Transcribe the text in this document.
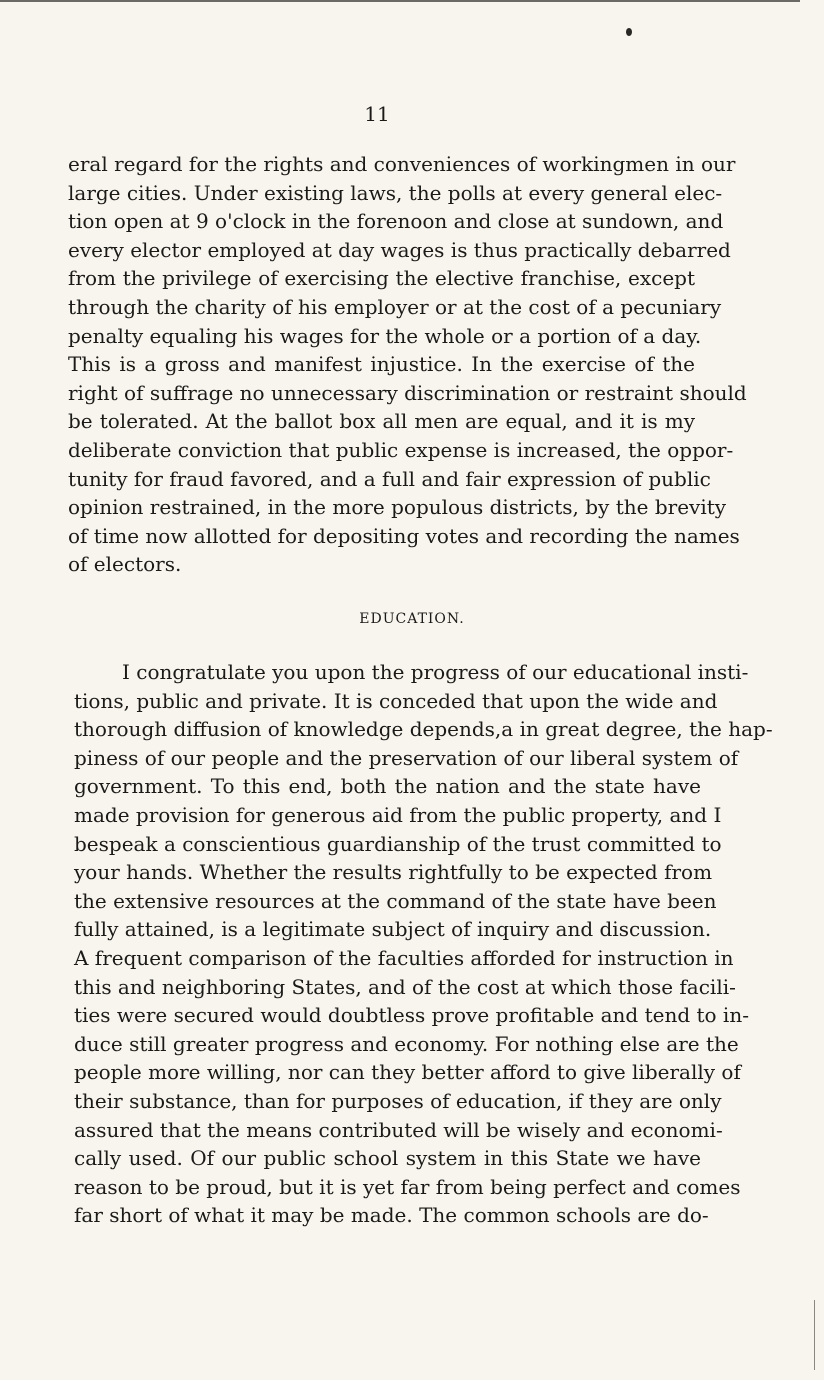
11
eral regard for the rights and conveniences of workingmen in our
large cities. Under existing laws, the polls at every general elec-
tion open at 9 o'clock in the forenoon and close at sundown, and
every elector employed at day wages is thus practically debarred
from the privilege of exercising the elective franchise, except
through the charity of his employer or at the cost of a pecuniary
penalty equaling his wages for the whole or a portion of a day.
This is a gross and manifest injustice. In the exercise of the
right of suffrage no unnecessary discrimination or restraint should
be tolerated. At the ballot box all men are equal, and it is my
deliberate conviction that public expense is increased, the oppor-
tunity for fraud favored, and a full and fair expression of public
opinion restrained, in the more populous districts, by the brevity
of time now allotted for depositing votes and recording the names
of electors.
EDUCATION.
I congratulate you upon the progress of our educational insti-
tions, public and private. It is conceded that upon the wide and
thorough diffusion of knowledge depends,a in great degree, the hap-
piness of our people and the preservation of our liberal system of
government. To this end, both the nation and the state have
made provision for generous aid from the public property, and I
bespeak a conscientious guardianship of the trust committed to
your hands. Whether the results rightfully to be expected from
the extensive resources at the command of the state have been
fully attained, is a legitimate subject of inquiry and discussion.
A frequent comparison of the faculties afforded for instruction in
this and neighboring States, and of the cost at which those facili-
ties were secured would doubtless prove profitable and tend to in-
duce still greater progress and economy. For nothing else are the
people more willing, nor can they better afford to give liberally of
their substance, than for purposes of education, if they are only
assured that the means contributed will be wisely and economi-
cally used. Of our public school system in this State we have
reason to be proud, but it is yet far from being perfect and comes
far short of what it may be made. The common schools are do-
